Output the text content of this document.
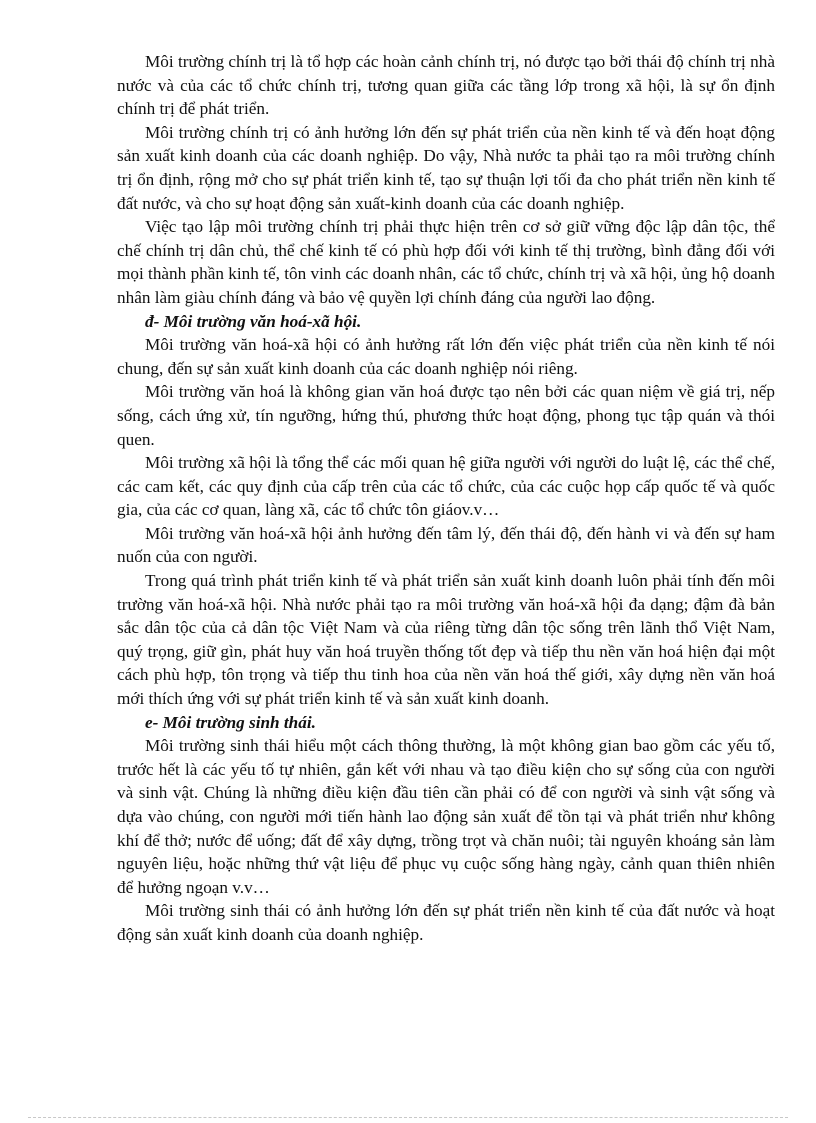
Môi trường chính trị là tổ hợp các hoàn cảnh chính trị, nó được tạo bởi thái độ chính trị nhà nước và của các tổ chức chính trị, tương quan giữa các tầng lớp trong xã hội, là sự ổn định chính trị để phát triển.

Môi trường chính trị có ảnh hưởng lớn đến sự phát triển của nền kinh tế và đến hoạt động sản xuất kinh doanh của các doanh nghiệp. Do vậy, Nhà nước ta phải tạo ra môi trường chính trị ổn định, rộng mở cho sự phát triển kinh tế, tạo sự thuận lợi tối đa cho phát triển nền kinh tế đất nước, và cho sự hoạt động sản xuất-kinh doanh của các doanh nghiệp.

Việc tạo lập môi trường chính trị phải thực hiện trên cơ sở giữ vững độc lập dân tộc, thể chế chính trị dân chủ, thể chế kinh tế có phù hợp đối với kinh tế thị trường, bình đẳng đối với mọi thành phần kinh tế, tôn vinh các doanh nhân, các tổ chức, chính trị và xã hội, ủng hộ doanh nhân làm giàu chính đáng và bảo vệ quyền lợi chính đáng của người lao động.

đ- Môi trường văn hoá-xã hội.

Môi trường văn hoá-xã hội có ảnh hưởng rất lớn đến việc phát triển của nền kinh tế nói chung, đến sự sản xuất kinh doanh của các doanh nghiệp nói riêng.

Môi trường văn hoá là không gian văn hoá được tạo nên bởi các quan niệm về giá trị, nếp sống, cách ứng xử, tín ngưỡng, hứng thú, phương thức hoạt động, phong tục tập quán và thói quen.

Môi trường xã hội là tổng thể các mối quan hệ giữa người với người do luật lệ, các thể chế, các cam kết, các quy định của cấp trên của các tổ chức, của các cuộc họp cấp quốc tế và quốc gia, của các cơ quan, làng xã, các tổ chức tôn giáov.v…

Môi trường văn hoá-xã hội ảnh hưởng đến tâm lý, đến thái độ, đến hành vi và đến sự ham nuốn của con người.

Trong quá trình phát triển kinh tế và phát triển sản xuất kinh doanh luôn phải tính đến môi trường văn hoá-xã hội. Nhà nước phải tạo ra môi trường văn hoá-xã hội đa dạng; đậm đà bản sắc dân tộc của cả dân tộc Việt Nam và của riêng từng dân tộc sống trên lãnh thổ Việt Nam, quý trọng, giữ gìn, phát huy văn hoá truyền thống tốt đẹp và tiếp thu nền văn hoá hiện đại một cách phù hợp, tôn trọng và tiếp thu tinh hoa của nền văn hoá thế giới, xây dựng nền văn hoá mới thích ứng với sự phát triển kinh tế và sản xuất kinh doanh.

e- Môi trường sinh thái.

Môi trường sinh thái hiểu một cách thông thường, là một không gian bao gồm các yếu tố, trước hết là các yếu tố tự nhiên, gắn kết với nhau và tạo điều kiện cho sự sống của con người và sinh vật. Chúng là những điều kiện đầu tiên cần phải có để con người và sinh vật sống và dựa vào chúng, con người mới tiến hành lao động sản xuất để tồn tại và phát triển như không khí để thở; nước để uống; đất để xây dựng, trồng trọt và chăn nuôi; tài nguyên khoáng sản làm nguyên liệu, hoặc những thứ vật liệu để phục vụ cuộc sống hàng ngày, cảnh quan thiên nhiên để hưởng ngoạn v.v…

Môi trường sinh thái có ảnh hưởng lớn đến sự phát triển nền kinh tế của đất nước và hoạt động sản xuất kinh doanh của doanh nghiệp.
